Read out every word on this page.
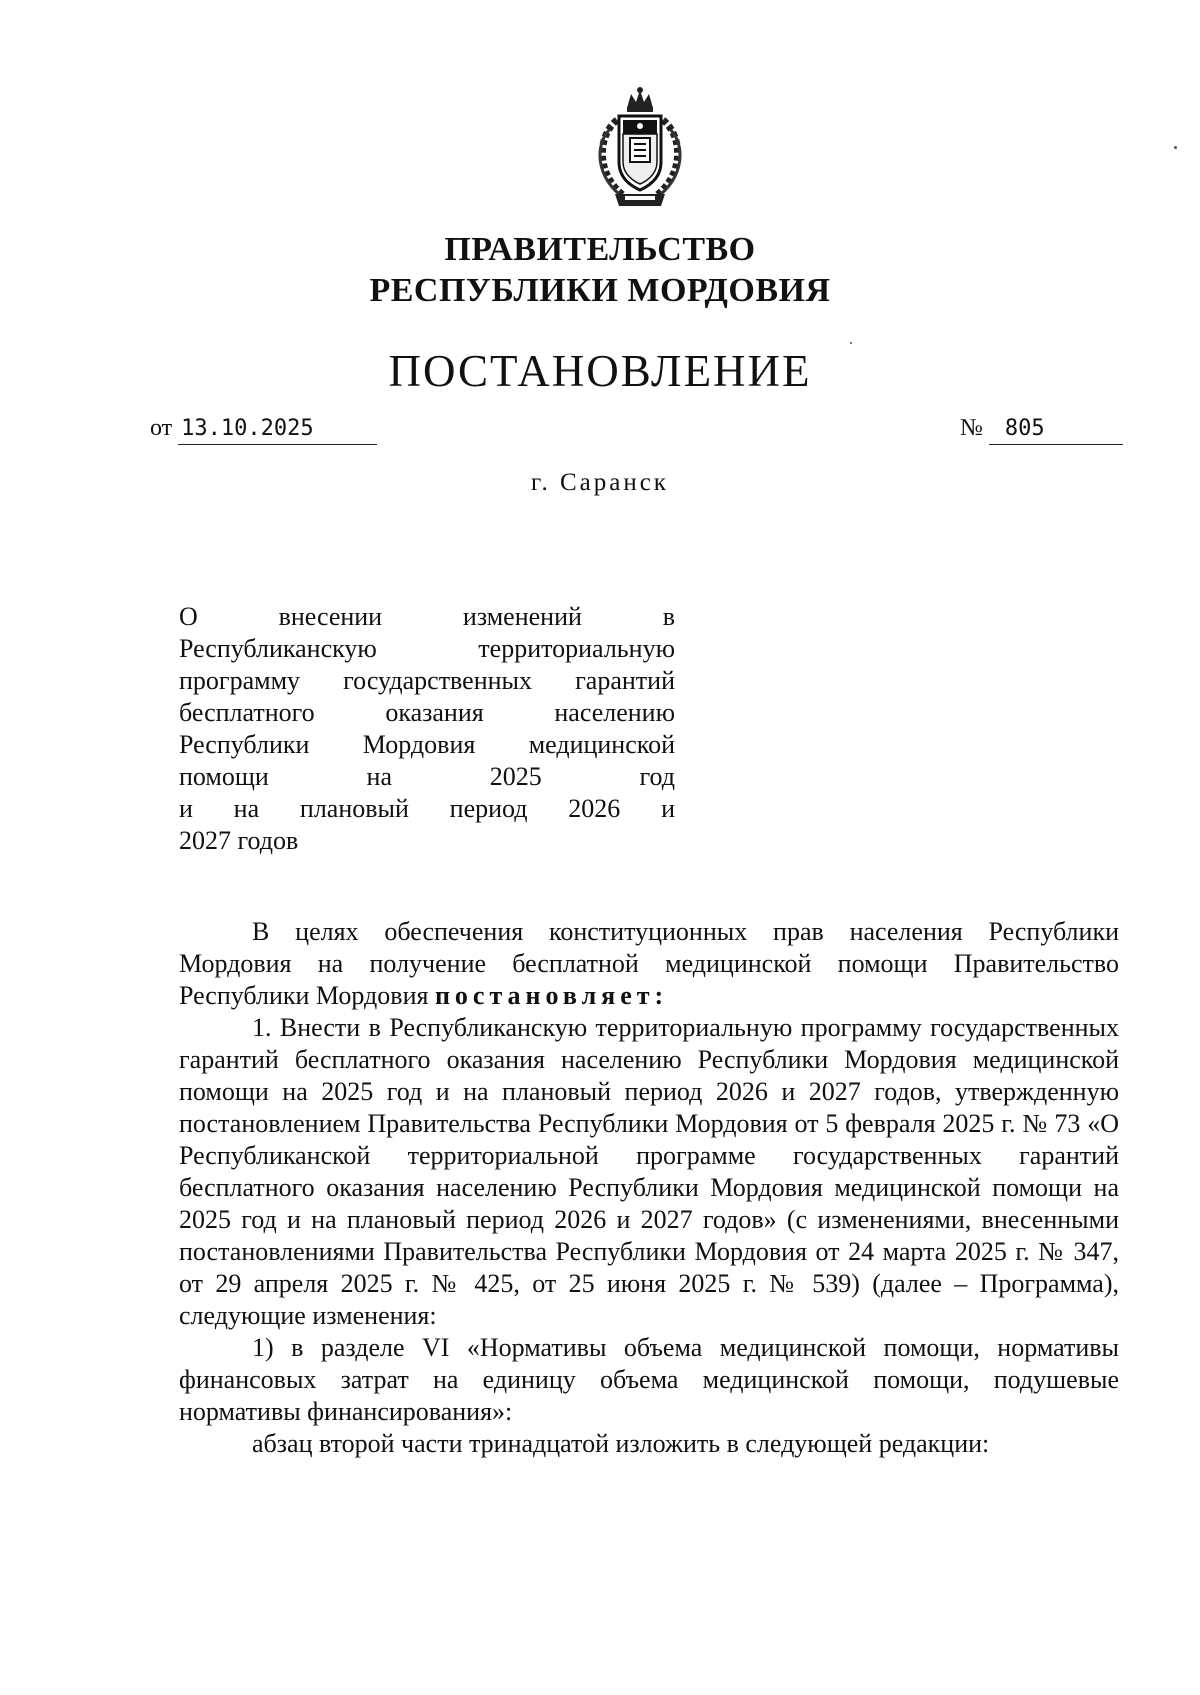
ПРАВИТЕЛЬСТВО
РЕСПУБЛИКИ МОРДОВИЯ
ПОСТАНОВЛЕНИЕ
от 13.10.2025	№ 805
г. Саранск
О внесении изменений в
Республиканскую территориальную
программу государственных гарантий
бесплатного оказания населению
Республики Мордовия медицинской
помощи на 2025 год
и на плановый период 2026 и
2027 годов

В целях обеспечения конституционных прав населения Республики Мордовия на получение бесплатной медицинской помощи Правительство Республики Мордовия постановляет:

1. Внести в Республиканскую территориальную программу государственных гарантий бесплатного оказания населению Республики Мордовия медицинской помощи на 2025 год и на плановый период 2026 и 2027 годов, утвержденную постановлением Правительства Республики Мордовия от 5 февраля 2025 г. № 73 «О Республиканской территориальной программе государственных гарантий бесплатного оказания населению Республики Мордовия медицинской помощи на 2025 год и на плановый период 2026 и 2027 годов» (с изменениями, внесенными постановлениями Правительства Республики Мордовия от 24 марта 2025 г. № 347, от 29 апреля 2025 г. № 425, от 25 июня 2025 г. № 539) (далее – Программа), следующие изменения:

1) в разделе VI «Нормативы объема медицинской помощи, нормативы финансовых затрат на единицу объема медицинской помощи, подушевые нормативы финансирования»:

абзац второй части тринадцатой изложить в следующей редакции:
